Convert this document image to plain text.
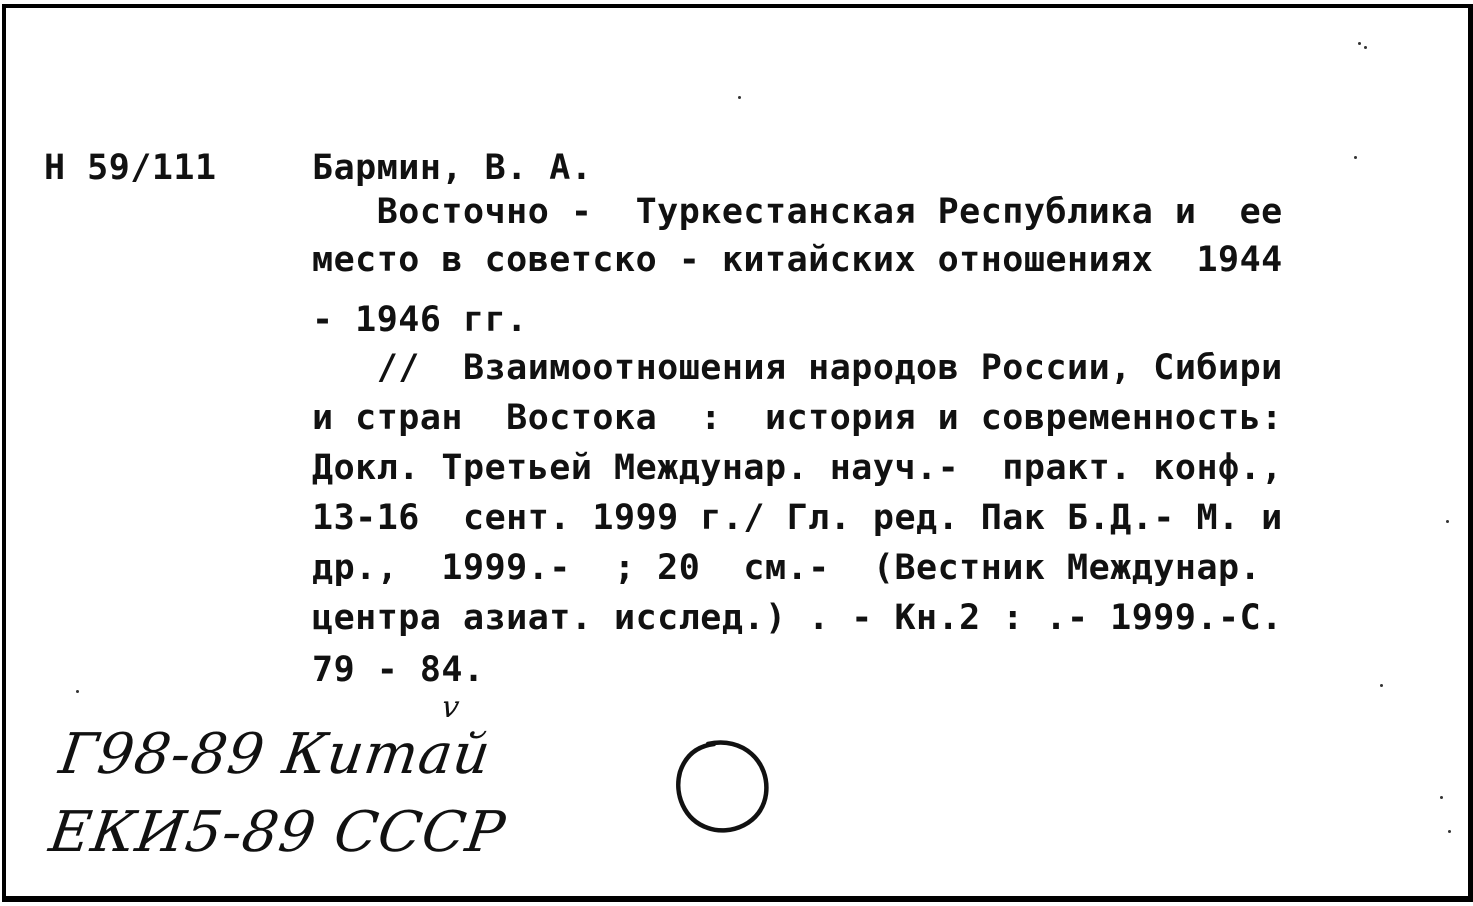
Н 59/111	Бармин, В. А.
Восточно -  Туркестанская Республика и  ее
место в советско - китайских отношениях  1944
- 1946 гг.
//  Взаимоотношения народов России, Сибири
и стран  Востока  :  история и современность:
Докл. Третьей Междунар. науч.-  практ. конф.,
13-16  сент. 1999 г./ Гл. ред. Пак Б.Д.- М. и
др.,  1999.-  ; 20  см.-  (Вестник Междунар.
центра азиат. исслед.) . - Кн.2 : .- 1999.-С.
79 - 84.
v
Г98-89 Китай
ЕКИ5-89 СССР
